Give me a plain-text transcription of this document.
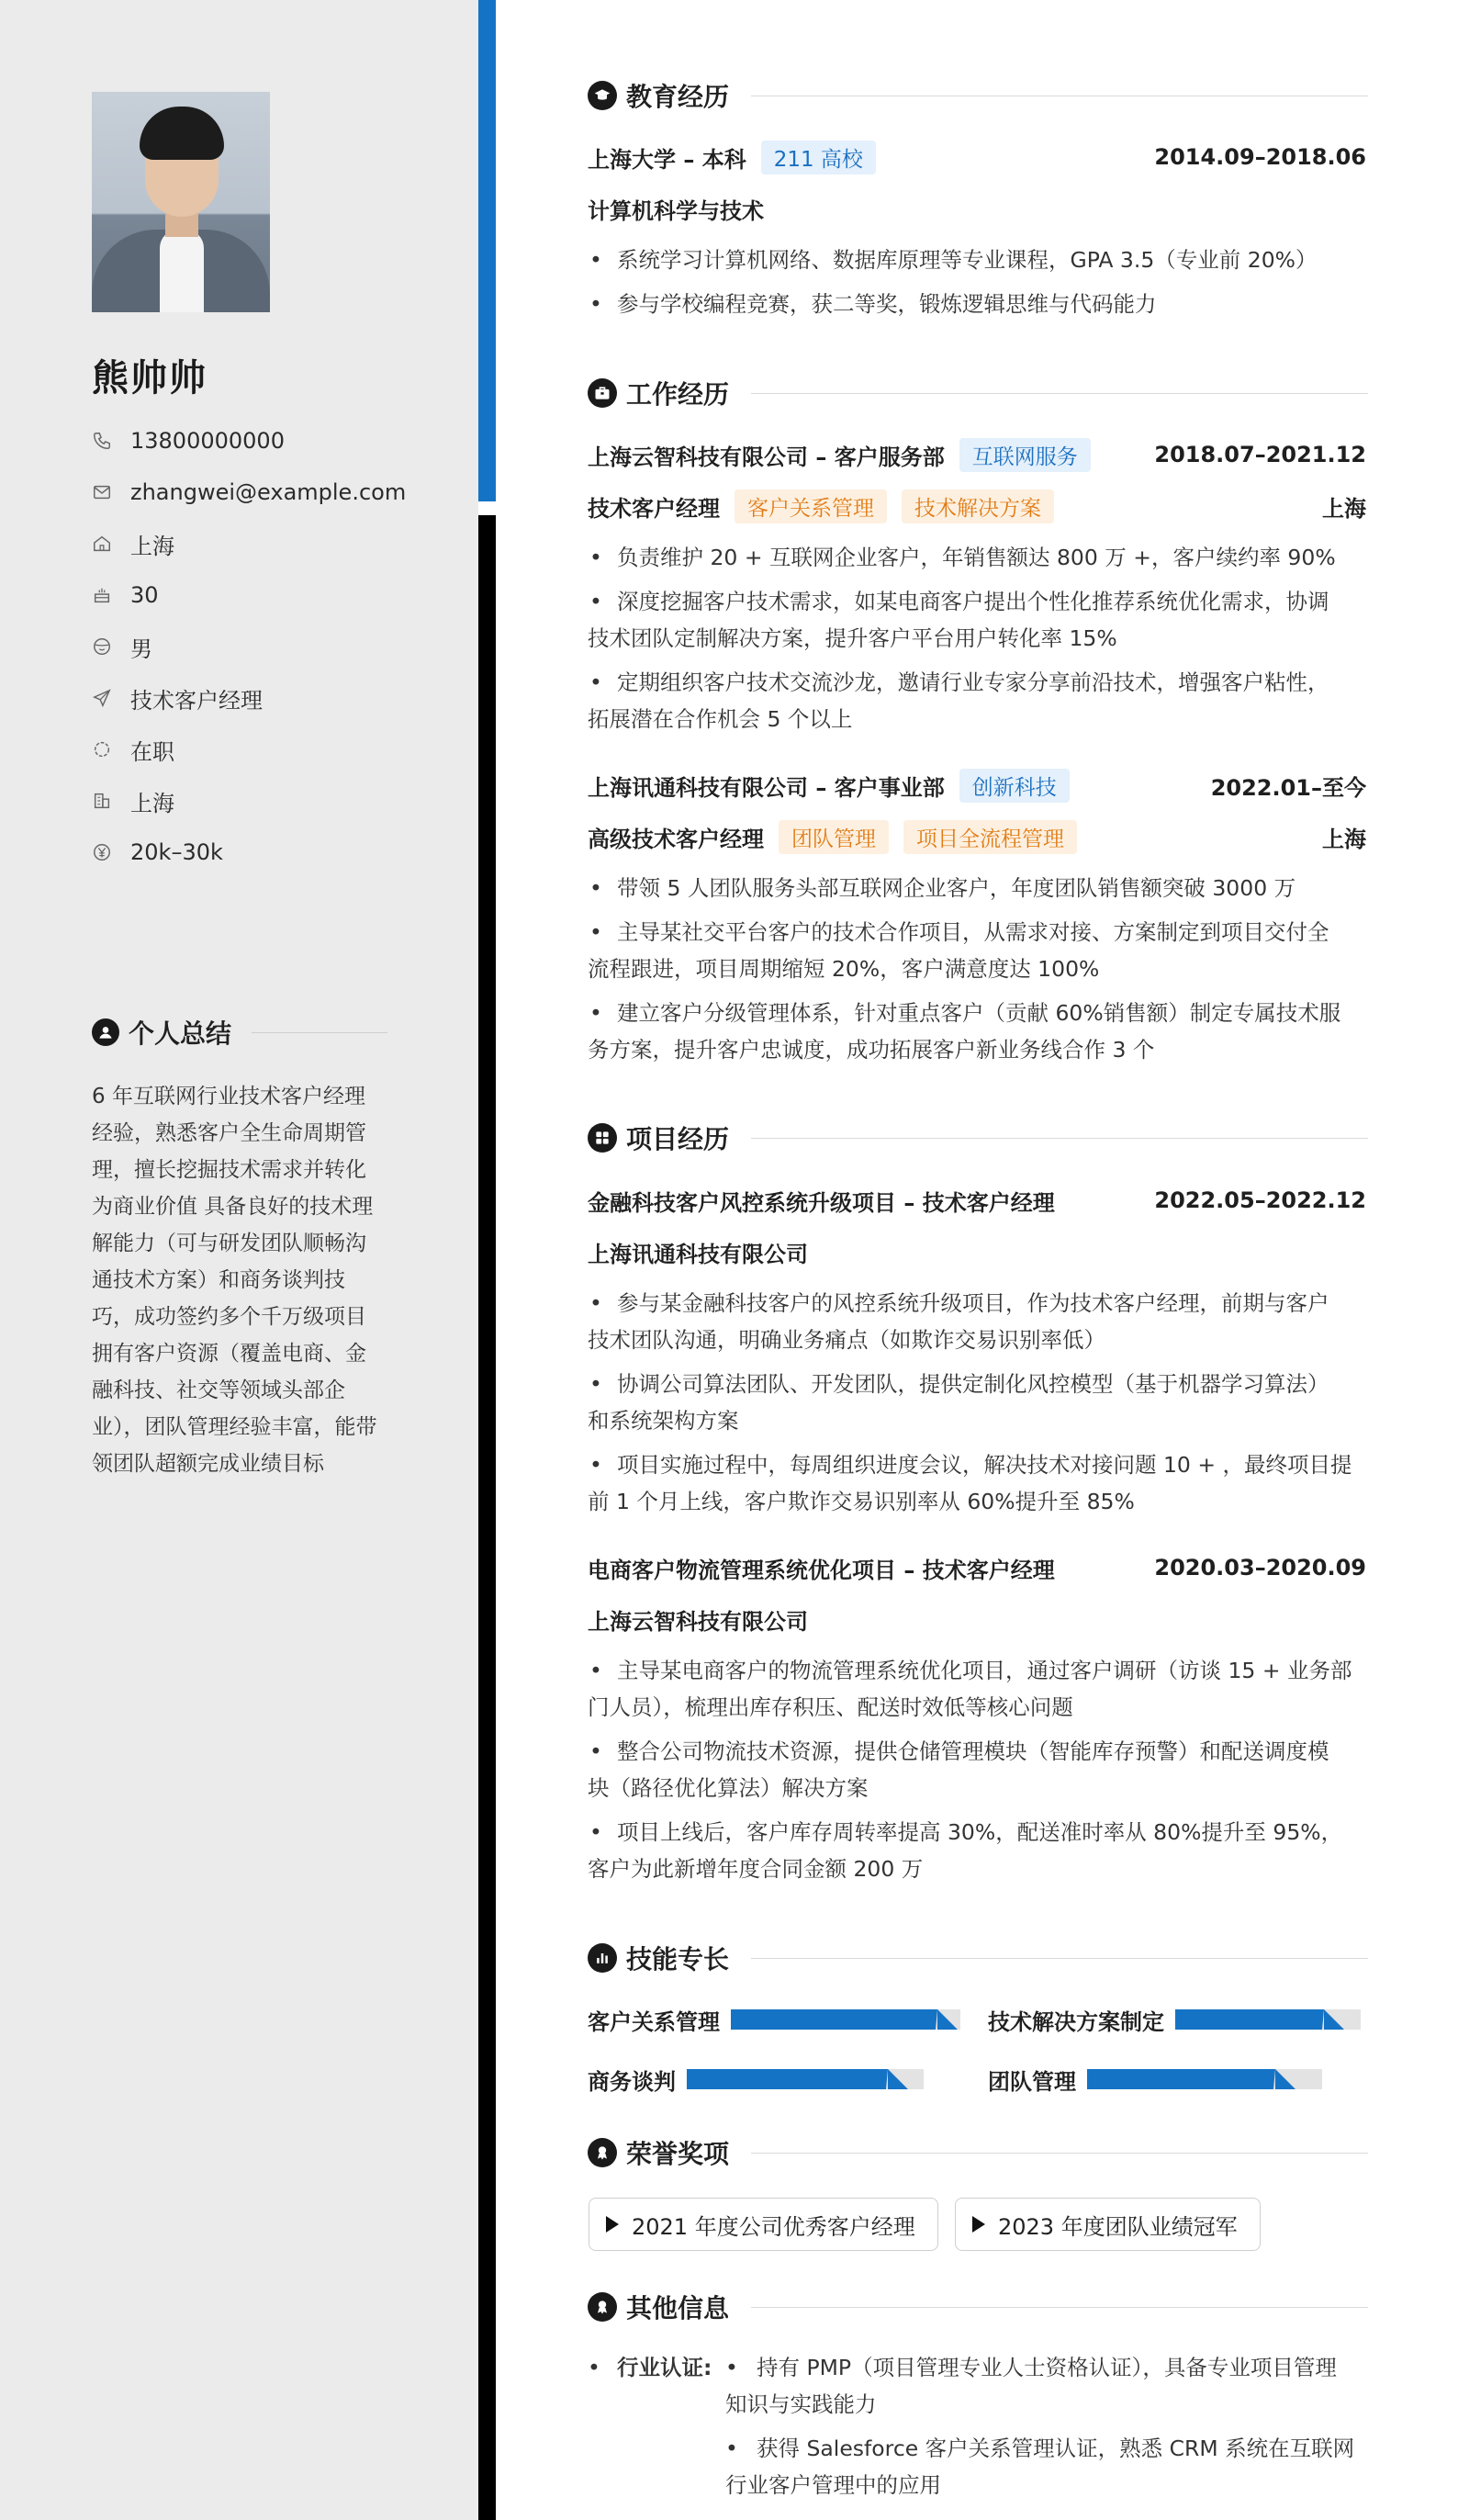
熊帅帅
13800000000
zhangwei@example.com
上海
30
男
技术客户经理
在职
上海
20k–30k
个人总结
6 年互联网行业技术客户经理
经验，熟悉客户全生命周期管
理，擅长挖掘技术需求并转化
为商业价值 具备良好的技术理
解能力（可与研发团队顺畅沟
通技术方案）和商务谈判技
巧，成功签约多个千万级项目
拥有客户资源（覆盖电商、金
融科技、社交等领域头部企
业），团队管理经验丰富，能带
领团队超额完成业绩目标
教育经历
上海大学 – 本科	211 高校	2014.09–2018.06
计算机科学与技术
•系统学习计算机网络、数据库原理等专业课程，GPA 3.5（专业前 20%）
•参与学校编程竞赛，获二等奖，锻炼逻辑思维与代码能力
工作经历
上海云智科技有限公司 – 客户服务部	互联网服务	2018.07–2021.12
技术客户经理	客户关系管理	技术解决方案	上海
•负责维护 20 + 互联网企业客户，年销售额达 800 万 +，客户续约率 90%
•深度挖掘客户技术需求，如某电商客户提出个性化推荐系统优化需求，协调
技术团队定制解决方案，提升客户平台用户转化率 15%
•定期组织客户技术交流沙龙，邀请行业专家分享前沿技术，增强客户粘性，
拓展潜在合作机会 5 个以上
上海讯通科技有限公司 – 客户事业部	创新科技	2022.01–至今
高级技术客户经理	团队管理	项目全流程管理	上海
•带领 5 人团队服务头部互联网企业客户，年度团队销售额突破 3000 万
•主导某社交平台客户的技术合作项目，从需求对接、方案制定到项目交付全
流程跟进，项目周期缩短 20%，客户满意度达 100%
•建立客户分级管理体系，针对重点客户（贡献 60%销售额）制定专属技术服
务方案，提升客户忠诚度，成功拓展客户新业务线合作 3 个
项目经历
金融科技客户风控系统升级项目 – 技术客户经理	2022.05–2022.12
上海讯通科技有限公司
•参与某金融科技客户的风控系统升级项目，作为技术客户经理，前期与客户
技术团队沟通，明确业务痛点（如欺诈交易识别率低）
•协调公司算法团队、开发团队，提供定制化风控模型（基于机器学习算法）
和系统架构方案
•项目实施过程中，每周组织进度会议，解决技术对接问题 10 + ，最终项目提
前 1 个月上线，客户欺诈交易识别率从 60%提升至 85%
电商客户物流管理系统优化项目 – 技术客户经理	2020.03–2020.09
上海云智科技有限公司
•主导某电商客户的物流管理系统优化项目，通过客户调研（访谈 15 + 业务部
门人员），梳理出库存积压、配送时效低等核心问题
•整合公司物流技术资源，提供仓储管理模块（智能库存预警）和配送调度模
块（路径优化算法）解决方案
•项目上线后，客户库存周转率提高 30%，配送准时率从 80%提升至 95%，
客户为此新增年度合同金额 200 万
技能专长
客户关系管理	技术解决方案制定
商务谈判	团队管理
荣誉奖项
2021 年度公司优秀客户经理	2023 年度团队业绩冠军
其他信息
• 行业认证: • 持有 PMP（项目管理专业人士资格认证），具备专业项目管理
知识与实践能力
• 获得 Salesforce 客户关系管理认证，熟悉 CRM 系统在互联网
行业客户管理中的应用
